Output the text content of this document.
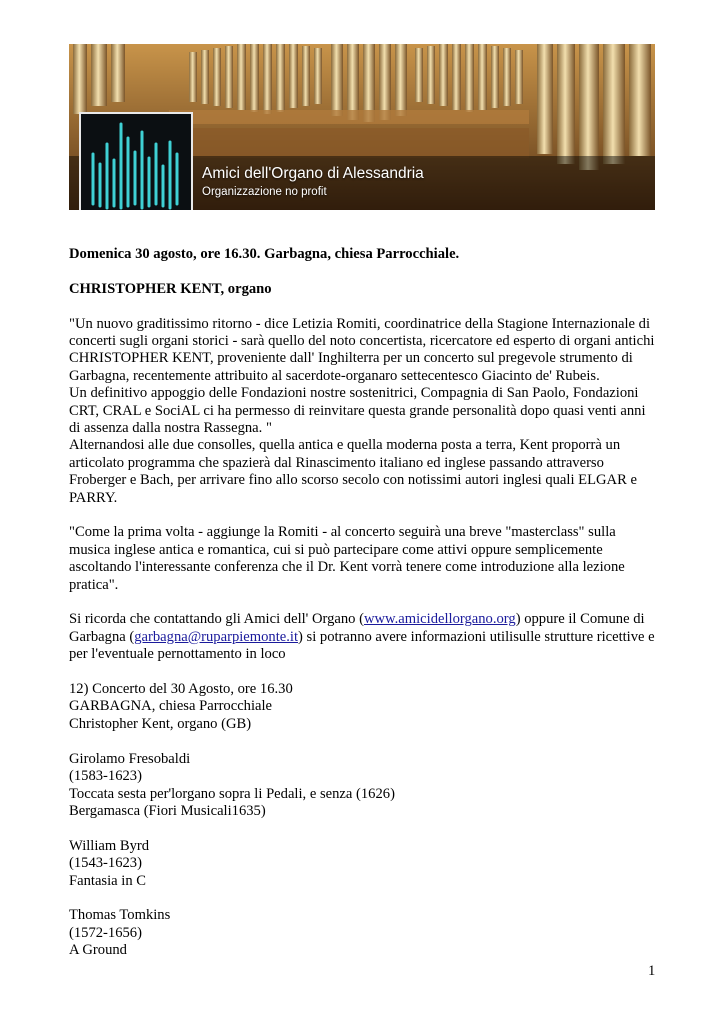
Amici dell'Organo di Alessandria
Organizzazione no profit

Domenica 30 agosto, ore 16.30. Garbagna, chiesa Parrocchiale.

CHRISTOPHER KENT, organo

"Un nuovo graditissimo ritorno - dice Letizia Romiti, coordinatrice della Stagione Internazionale di
concerti sugli organi storici - sarà quello del noto concertista, ricercatore ed esperto di organi antichi
CHRISTOPHER KENT, proveniente dall' Inghilterra per un concerto sul pregevole strumento di
Garbagna, recentemente attribuito al sacerdote-organaro settecentesco Giacinto de' Rubeis.
Un definitivo appoggio delle Fondazioni nostre sostenitrici, Compagnia di San Paolo, Fondazioni
CRT, CRAL e SociAL ci ha permesso di reinvitare questa grande personalità dopo quasi venti anni
di assenza dalla nostra Rassegna. "
Alternandosi alle due consolles, quella antica e quella moderna posta a terra, Kent proporrà un
articolato programma che spazierà dal Rinascimento italiano ed inglese passando attraverso
Froberger e Bach, per arrivare fino allo scorso secolo con notissimi autori inglesi quali ELGAR e
PARRY.

"Come la prima volta - aggiunge la Romiti - al concerto seguirà una breve "masterclass" sulla
musica inglese antica e romantica, cui si può partecipare come attivi oppure semplicemente
ascoltando l'interessante conferenza che il Dr. Kent vorrà tenere come introduzione alla lezione
pratica".

Si ricorda che contattando gli Amici dell' Organo (www.amicidellorgano.org) oppure il Comune di
Garbagna (garbagna@ruparpiemonte.it) si potranno avere informazioni utilisulle strutture ricettive e
per l'eventuale pernottamento in loco

12) Concerto del 30 Agosto, ore 16.30
GARBAGNA, chiesa Parrocchiale
Christopher Kent, organo (GB)

Girolamo Fresobaldi
(1583-1623)
Toccata sesta per'lorgano sopra li Pedali, e senza (1626)
Bergamasca (Fiori Musicali1635)

William Byrd
(1543-1623)
Fantasia in C

Thomas Tomkins
(1572-1656)
A Ground

1
